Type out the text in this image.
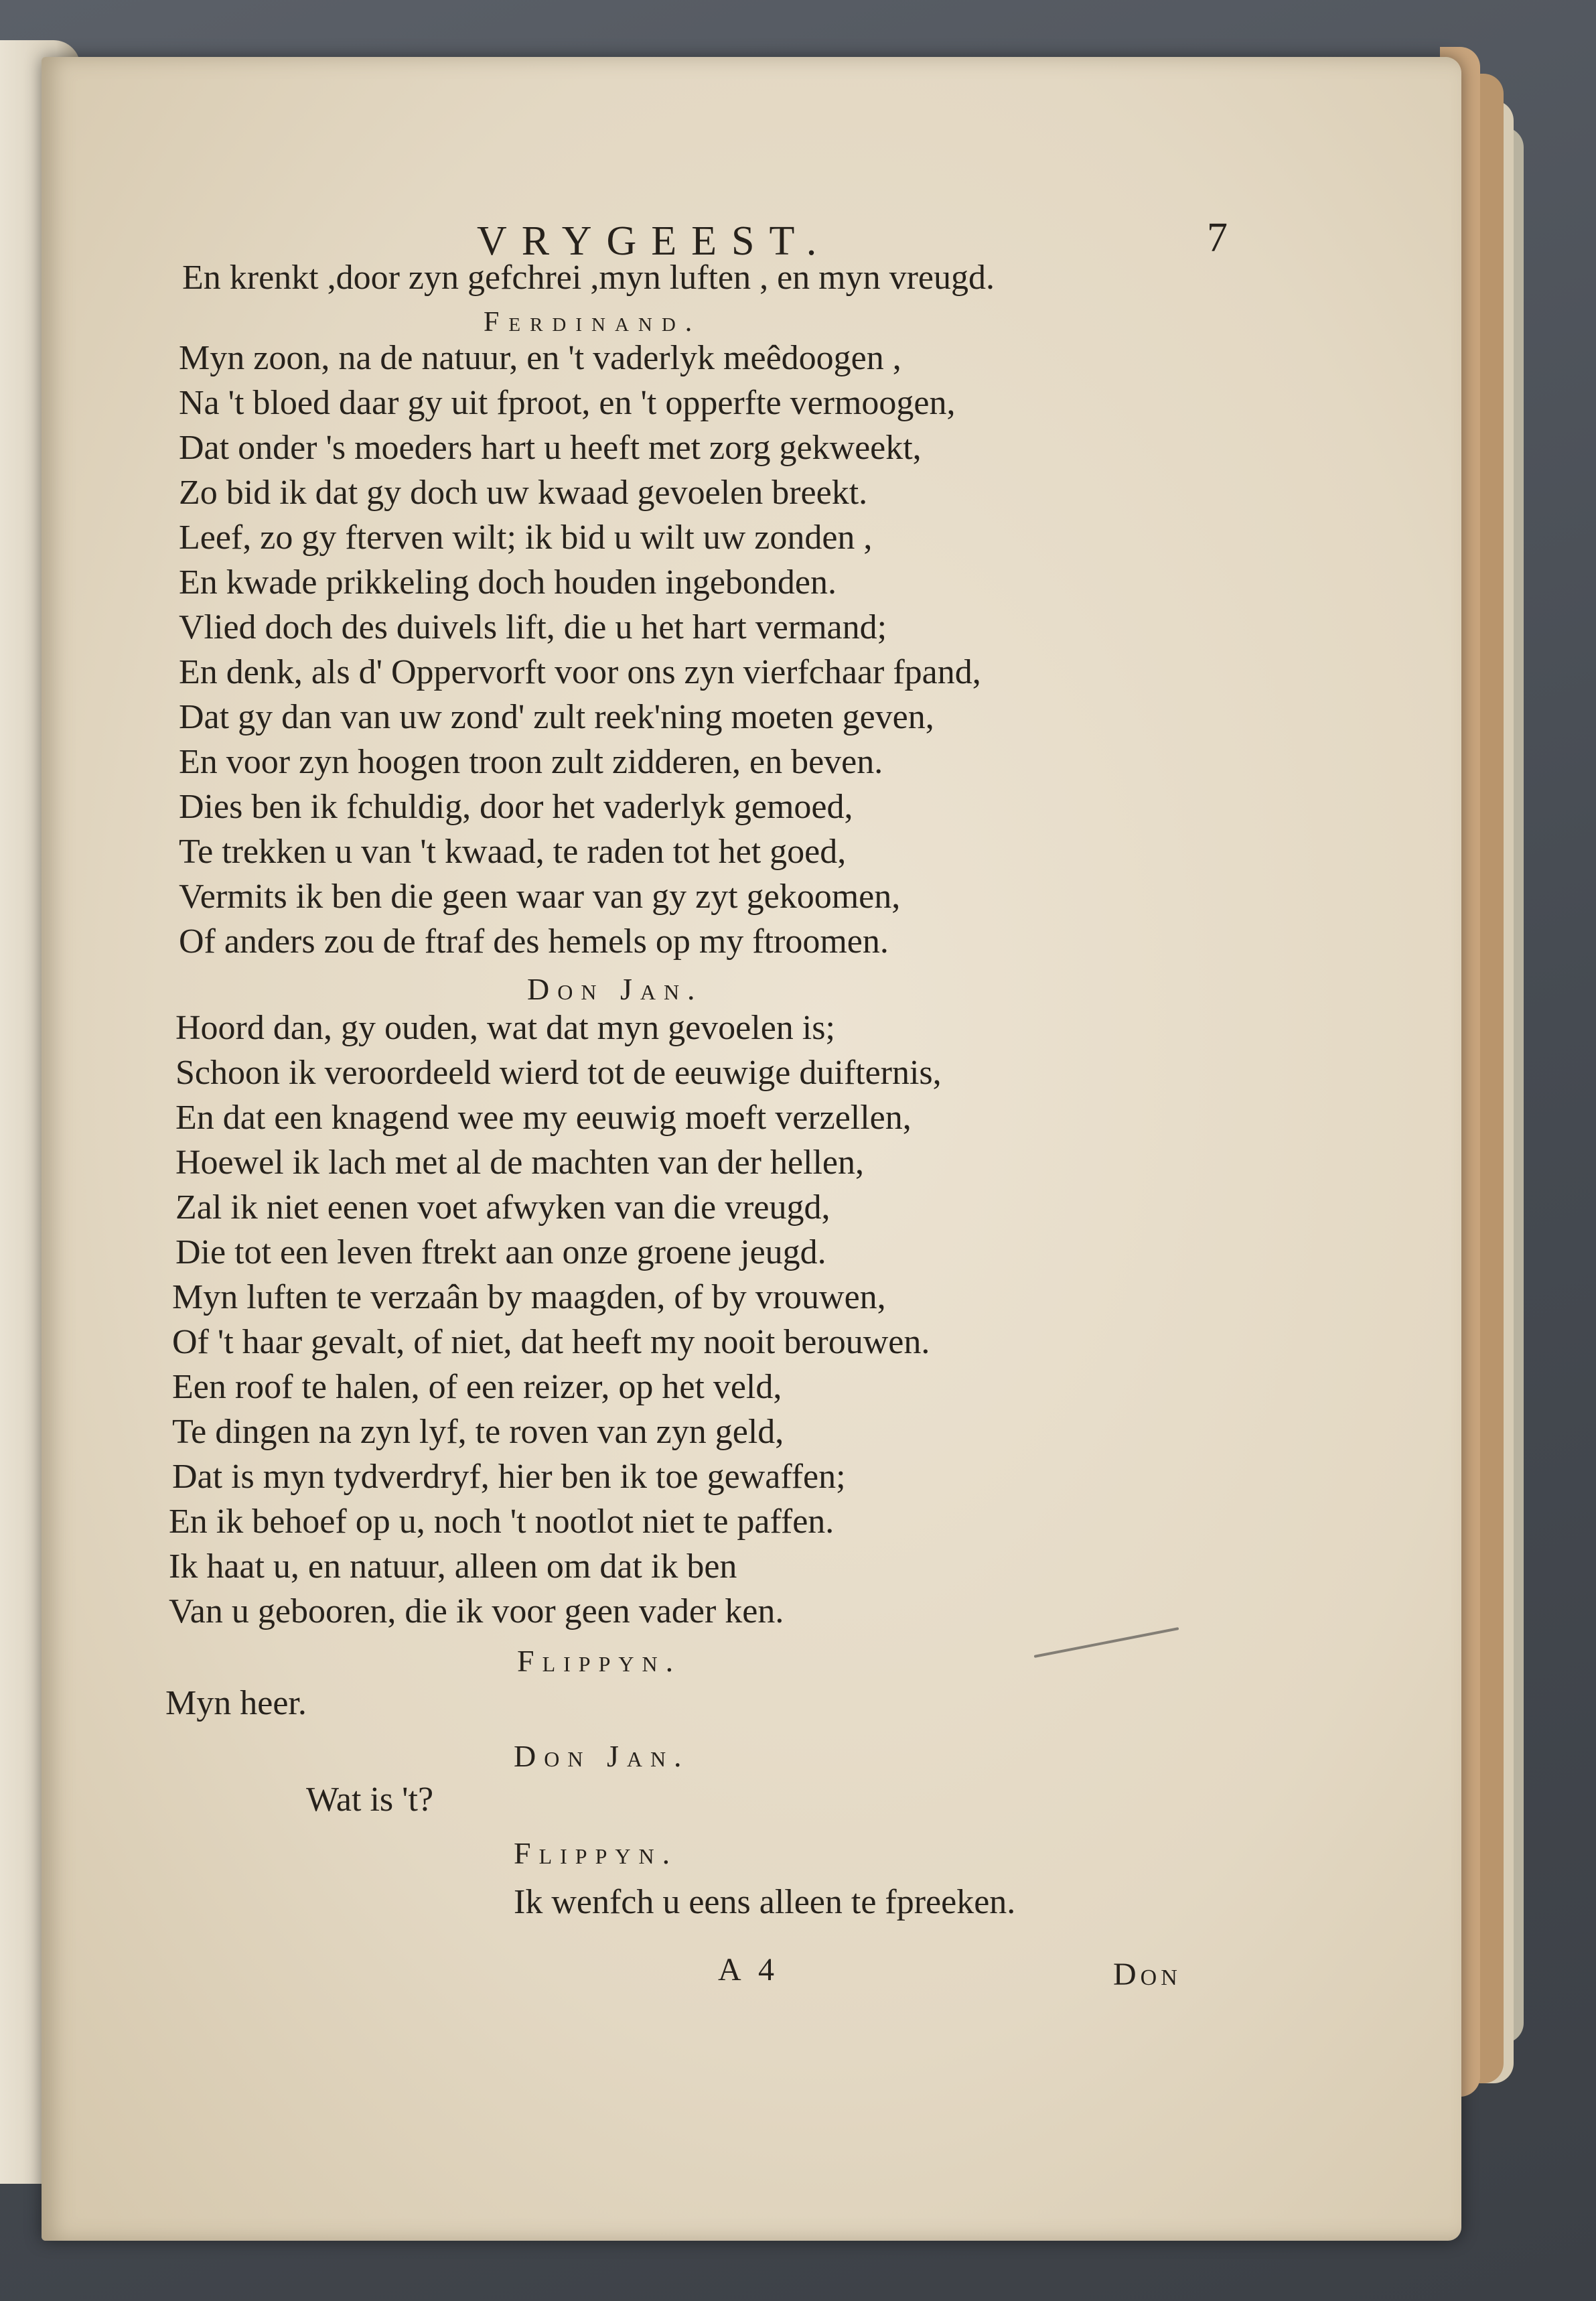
VRYGEEST.	7
En krenkt ,door zyn gefchrei ,myn luften , en myn vreugd.
Ferdinand.
Myn zoon, na de natuur, en 't vaderlyk meêdoogen ,
Na 't bloed daar gy uit fproot, en 't opperfte vermoogen,
Dat onder 's moeders hart u heeft met zorg gekweekt,
Zo bid ik dat gy doch uw kwaad gevoelen breekt.
Leef, zo gy fterven wilt; ik bid u wilt uw zonden ,
En kwade prikkeling doch houden ingebonden.
Vlied doch des duivels lift, die u het hart vermand;
En denk, als d' Oppervorft voor ons zyn vierfchaar fpand,
Dat gy dan van uw zond' zult reek'ning moeten geven,
En voor zyn hoogen troon zult zidderen, en beven.
Dies ben ik fchuldig, door het vaderlyk gemoed,
Te trekken u van 't kwaad, te raden tot het goed,
Vermits ik ben die geen waar van gy zyt gekoomen,
Of anders zou de ftraf des hemels op my ftroomen.
Don Jan.
Hoord dan, gy ouden, wat dat myn gevoelen is;
Schoon ik veroordeeld wierd tot de eeuwige duifternis,
En dat een knagend wee my eeuwig moeft verzellen,
Hoewel ik lach met al de machten van der hellen,
Zal ik niet eenen voet afwyken van die vreugd,
Die tot een leven ftrekt aan onze groene jeugd.
Myn luften te verzaân by maagden, of by vrouwen,
Of 't haar gevalt, of niet, dat heeft my nooit berouwen.
Een roof te halen, of een reizer, op het veld,
Te dingen na zyn lyf, te roven van zyn geld,
Dat is myn tydverdryf, hier ben ik toe gewaffen;
En ik behoef op u, noch 't nootlot niet te paffen.
Ik haat u, en natuur, alleen om dat ik ben
Van u gebooren, die ik voor geen vader ken.
Flippyn.
Myn heer.
Don Jan.
Wat is 't?
Flippyn.
Ik wenfch u eens alleen te fpreeken.
A 4	Don
